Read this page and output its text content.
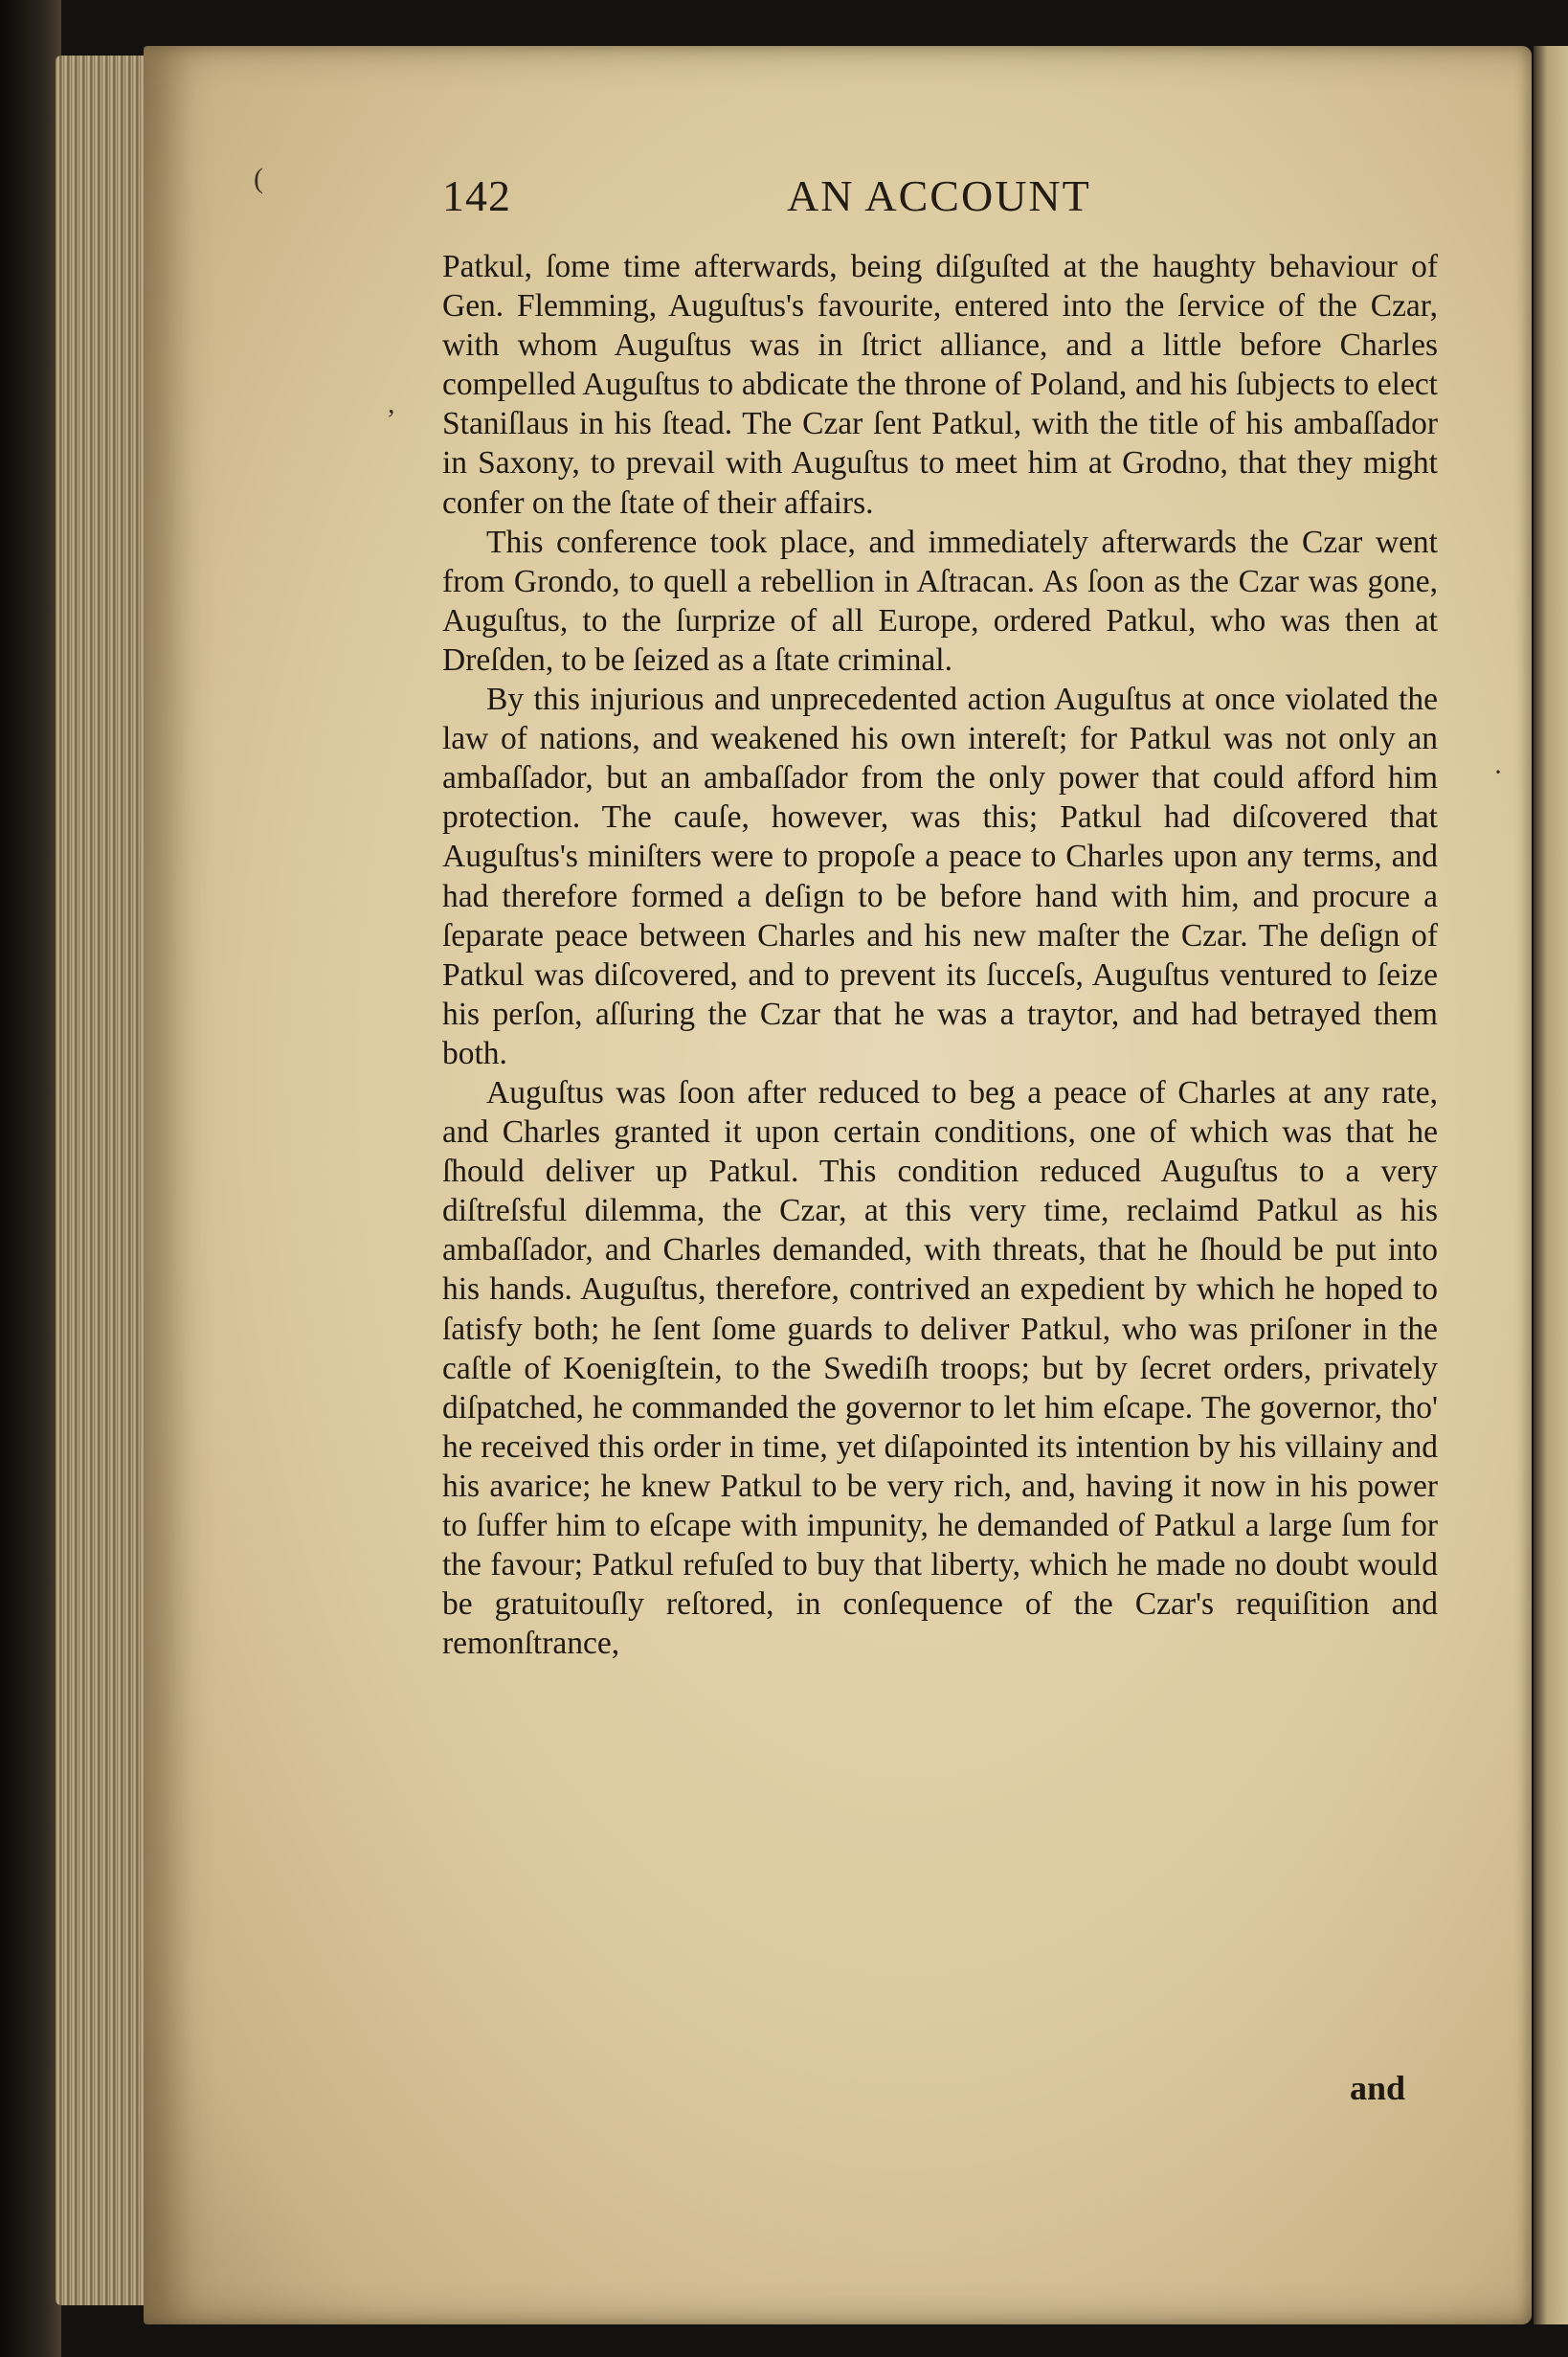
142	AN ACCOUNT

Patkul, ſome time afterwards, being diſguſted at the haughty behaviour of Gen. Flemming, Auguſtus's favourite, entered into the ſervice of the Czar, with whom Auguſtus was in ſtrict alliance, and a little before Charles compelled Auguſtus to abdicate the throne of Poland, and his ſubjects to elect Staniſlaus in his ſtead. The Czar ſent Patkul, with the title of his ambaſſador in Saxony, to prevail with Auguſtus to meet him at Grodno, that they might confer on the ſtate of their affairs.

This conference took place, and immediately afterwards the Czar went from Grondo, to quell a rebellion in Aſtracan. As ſoon as the Czar was gone, Auguſtus, to the ſurprize of all Europe, ordered Patkul, who was then at Dreſden, to be ſeized as a ſtate criminal.

By this injurious and unprecedented action Auguſtus at once violated the law of nations, and weakened his own intereſt; for Patkul was not only an ambaſſador, but an ambaſſador from the only power that could afford him protection. The cauſe, however, was this; Patkul had diſcovered that Auguſtus's miniſters were to propoſe a peace to Charles upon any terms, and had therefore formed a deſign to be before hand with him, and procure a ſeparate peace between Charles and his new maſter the Czar. The deſign of Patkul was diſcovered, and to prevent its ſucceſs, Auguſtus ventured to ſeize his perſon, aſſuring the Czar that he was a traytor, and had betrayed them both.

Auguſtus was ſoon after reduced to beg a peace of Charles at any rate, and Charles granted it upon certain conditions, one of which was that he ſhould deliver up Patkul. This condition reduced Auguſtus to a very diſtreſsful dilemma, the Czar, at this very time, reclaimd Patkul as his ambaſſador, and Charles demanded, with threats, that he ſhould be put into his hands. Auguſtus, therefore, contrived an expedient by which he hoped to ſatisfy both; he ſent ſome guards to deliver Patkul, who was priſoner in the caſtle of Koenigſtein, to the Swediſh troops; but by ſecret orders, privately diſpatched, he commanded the governor to let him eſcape. The governor, tho' he received this order in time, yet diſapointed its intention by his villainy and his avarice; he knew Patkul to be very rich, and, having it now in his power to ſuffer him to eſcape with impunity, he demanded of Patkul a large ſum for the favour; Patkul refuſed to buy that liberty, which he made no doubt would be gratuitouſly reſtored, in conſequence of the Czar's requiſition and remonſtrance,

and
(
,
·
